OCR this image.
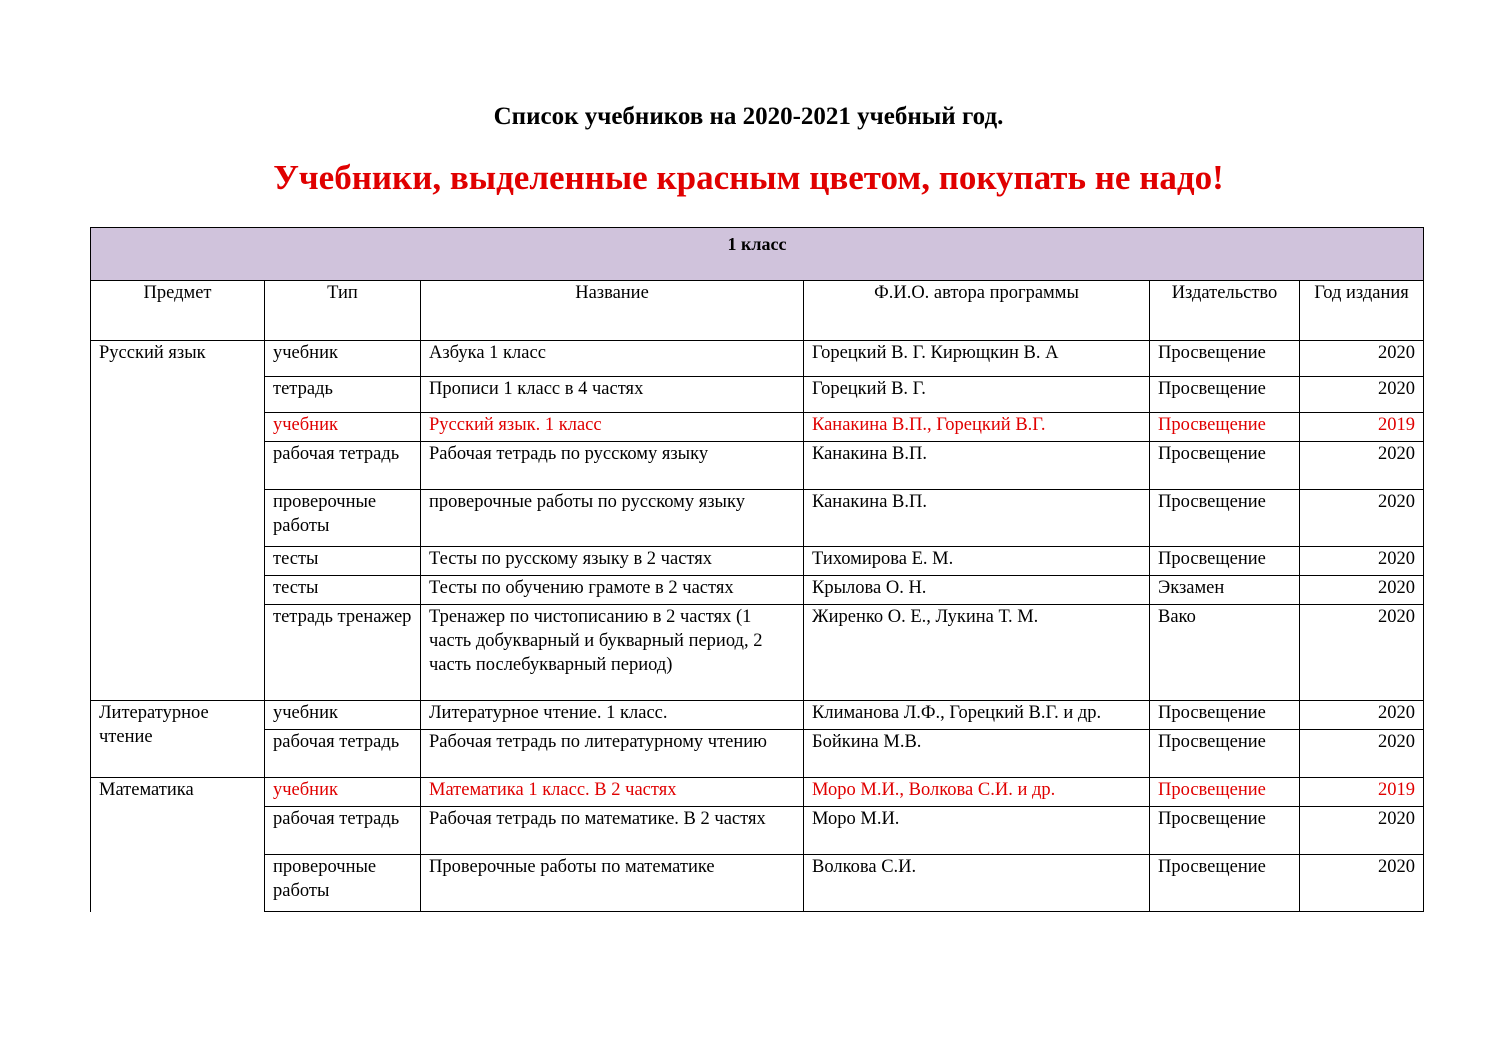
Список учебников на 2020-2021 учебный год.
Учебники, выделенные красным цветом, покупать не надо!
1 класс					
Предмет	Тип	Название	Ф.И.О. автора программы	Издательство	Год издания
Русский язык	учебник	Азбука 1 класс	Горецкий В. Г. Кирющкин В. А	Просвещение	2020
	тетрадь	Прописи 1 класс в 4 частях	Горецкий В. Г.	Просвещение	2020
	учебник	Русский язык. 1 класс	Канакина В.П., Горецкий В.Г.	Просвещение	2019
	рабочая тетрадь	Рабочая тетрадь по русскому языку	Канакина В.П.	Просвещение	2020
	проверочные работы	проверочные работы по русскому языку	Канакина В.П.	Просвещение	2020
	тесты	Тесты по русскому языку в 2 частях	Тихомирова Е. М.	Просвещение	2020
	тесты	Тесты по обучению грамоте в 2 частях	Крылова О. Н.	Экзамен	2020
	тетрадь тренажер	Тренажер по чистописанию в 2 частях (1 часть добукварный и букварный период, 2 часть послебукварный период)	Жиренко О. Е., Лукина Т. М.	Вако	2020
Литературное чтение	учебник	Литературное чтение. 1 класс.	Климанова Л.Ф., Горецкий В.Г. и др.	Просвещение	2020
	рабочая тетрадь	Рабочая тетрадь по литературному чтению	Бойкина М.В.	Просвещение	2020
Математика	учебник	Математика 1 класс. В 2 частях	Моро М.И., Волкова С.И. и др.	Просвещение	2019
	рабочая тетрадь	Рабочая тетрадь по математике. В 2 частях	Моро М.И.	Просвещение	2020
	проверочные работы	Проверочные работы по математике	Волкова С.И.	Просвещение	2020
